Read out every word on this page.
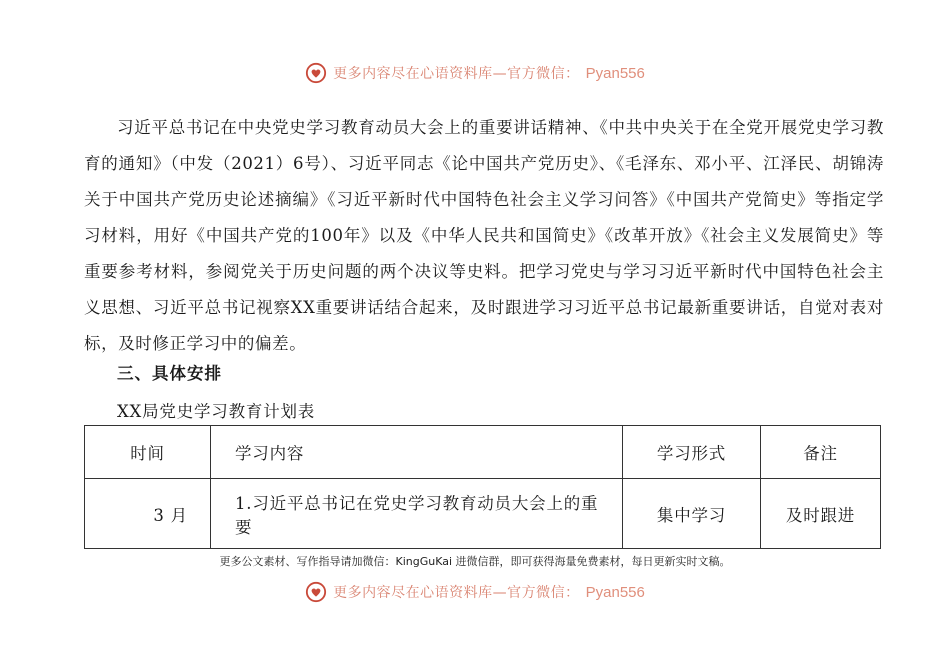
更多内容尽在心语资料库—官方微信： Pyan556

习近平总书记在中央党史学习教育动员大会上的重要讲话精神、《中共中央关于在全党开展党史学习教育的通知》（中发（2021）6号）、习近平同志《论中国共产党历史》、《毛泽东、邓小平、江泽民、胡锦涛关于中国共产党历史论述摘编》《习近平新时代中国特色社会主义学习问答》《中国共产党简史》等指定学习材料，用好《中国共产党的100年》以及《中华人民共和国简史》《改革开放》《社会主义发展简史》等重要参考材料，参阅党关于历史问题的两个决议等史料。把学习党史与学习习近平新时代中国特色社会主义思想、习近平总书记视察XX重要讲话结合起来，及时跟进学习习近平总书记最新重要讲话，自觉对表对标，及时修正学习中的偏差。

三、具体安排
XX局党史学习教育计划表
时间	学习内容	学习形式	备注
3 月	1.习近平总书记在党史学习教育动员大会上的重要	集中学习	及时跟进
更多公文素材、写作指导请加微信：KingGuKai 进微信群，即可获得海量免费素材，每日更新实时文稿。
更多内容尽在心语资料库—官方微信： Pyan556
